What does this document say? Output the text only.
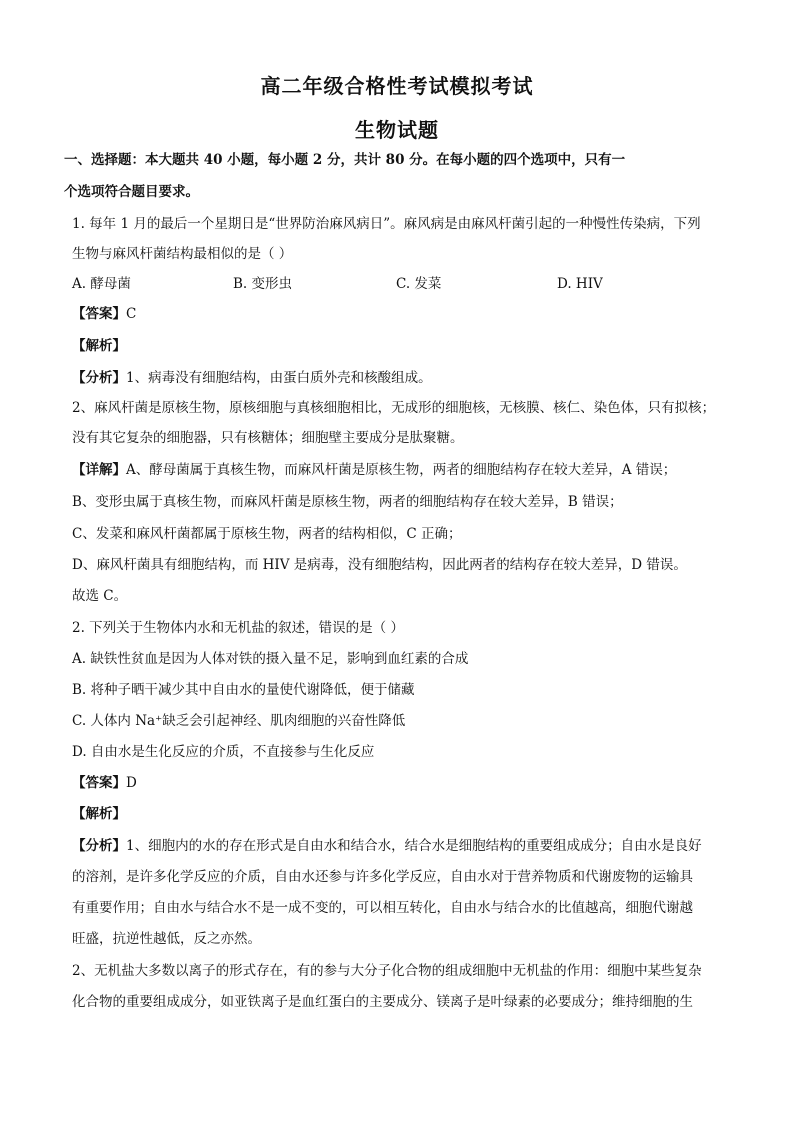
高二年级合格性考试模拟考试
生物试题
一、选择题：本大题共 40 小题，每小题 2 分，共计 80 分。在每小题的四个选项中，只有一
个选项符合题目要求。
1. 每年 1 月的最后一个星期日是“世界防治麻风病日”。麻风病是由麻风杆菌引起的一种慢性传染病，下列
生物与麻风杆菌结构最相似的是（ ）
A. 酵母菌	B. 变形虫	C. 发菜	D. HIV
【答案】C
【解析】
【分析】1、病毒没有细胞结构，由蛋白质外壳和核酸组成。
2、麻风杆菌是原核生物，原核细胞与真核细胞相比，无成形的细胞核，无核膜、核仁、染色体，只有拟核；
没有其它复杂的细胞器，只有核糖体；细胞壁主要成分是肽聚糖。
【详解】A、酵母菌属于真核生物，而麻风杆菌是原核生物，两者的细胞结构存在较大差异，A 错误；
B、变形虫属于真核生物，而麻风杆菌是原核生物，两者的细胞结构存在较大差异，B 错误；
C、发菜和麻风杆菌都属于原核生物，两者的结构相似，C 正确；
D、麻风杆菌具有细胞结构，而 HIV 是病毒，没有细胞结构，因此两者的结构存在较大差异，D 错误。
故选 C。
2. 下列关于生物体内水和无机盐的叙述，错误的是（ ）
A. 缺铁性贫血是因为人体对铁的摄入量不足，影响到血红素的合成
B. 将种子晒干减少其中自由水的量使代谢降低，便于储藏
C. 人体内 Na⁺缺乏会引起神经、肌肉细胞的兴奋性降低
D. 自由水是生化反应的介质，不直接参与生化反应
【答案】D
【解析】
【分析】1、细胞内的水的存在形式是自由水和结合水，结合水是细胞结构的重要组成成分；自由水是良好
的溶剂，是许多化学反应的介质，自由水还参与许多化学反应，自由水对于营养物质和代谢废物的运输具
有重要作用；自由水与结合水不是一成不变的，可以相互转化，自由水与结合水的比值越高，细胞代谢越
旺盛，抗逆性越低，反之亦然。
2、无机盐大多数以离子的形式存在，有的参与大分子化合物的组成细胞中无机盐的作用：细胞中某些复杂
化合物的重要组成成分，如亚铁离子是血红蛋白的主要成分、镁离子是叶绿素的必要成分；维持细胞的生
